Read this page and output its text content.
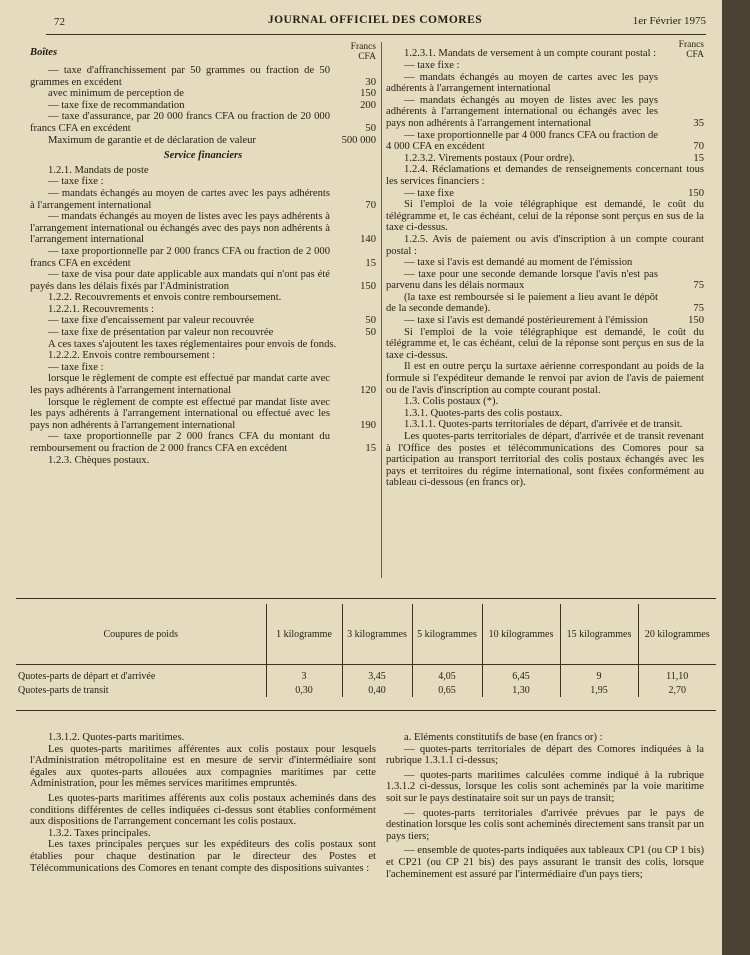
72	JOURNAL OFFICIEL DES COMORES	1er Février 1975
Boîtes
Francs
CFA
— taxe d'affranchissement par 50 grammes ou fraction de 50 grammes en excédent	30
avec minimum de perception de	150
— taxe fixe de recommandation	200
— taxe d'assurance, par 20 000 francs CFA ou fraction de 20 000 francs CFA en excédent	50
Maximum de garantie et de déclaration de valeur	500 000
Service financiers
1.2.1. Mandats de poste
— taxe fixe :
— mandats échangés au moyen de cartes avec les pays adhérents à l'arrangement international	70
— mandats échangés au moyen de listes avec les pays adhérents à l'arrangement international ou échangés avec des pays non adhérents à l'arrangement international	140
— taxe proportionnelle par 2 000 francs CFA ou fraction de 2 000 francs CFA en excédent	15
— taxe de visa pour date applicable aux mandats qui n'ont pas été payés dans les délais fixés par l'Administration	150
1.2.2. Recouvrements et envois contre remboursement.
1.2.2.1. Recouvrements :
— taxe fixe d'encaissement par valeur recouvrée	50
— taxe fixe de présentation par valeur non recouvrée	50
A ces taxes s'ajoutent les taxes réglementaires pour envois de fonds.
1.2.2.2. Envois contre remboursement :
— taxe fixe :
lorsque le règlement de compte est effectué par mandat carte avec les pays adhérents à l'arrangement international	120
lorsque le règlement de compte est effectué par mandat liste avec les pays adhérents à l'arrangement international ou effectué avec les pays non adhérents à l'arrangement international	190
— taxe proportionnelle par 2 000 francs CFA du montant du remboursement ou fraction de 2 000 francs CFA en excédent	15
1.2.3. Chèques postaux.
1.2.3.1. Mandats de versement à un compte courant postal :
Francs
CFA
— taxe fixe :
— mandats échangés au moyen de cartes avec les pays adhérents à l'arrangement international
— mandats échangés au moyen de listes avec les pays adhérents à l'arrangement international ou échangés avec les pays non adhérents à l'arrangement international	35
— taxe proportionnelle par 4 000 francs CFA ou fraction de 4 000 CFA en excédent	70
1.2.3.2. Virements postaux (Pour ordre).	15
1.2.4. Réclamations et demandes de renseignements concernant tous les services financiers :
— taxe fixe	150
Si l'emploi de la voie télégraphique est demandé, le coût du télégramme et, le cas échéant, celui de la réponse sont perçus en sus de la taxe ci-dessus.
1.2.5. Avis de paiement ou avis d'inscription à un compte courant postal :
— taxe si l'avis est demandé au moment de l'émission
— taxe pour une seconde demande lorsque l'avis n'est pas parvenu dans les délais normaux	75
(la taxe est remboursée si le paiement a lieu avant le dépôt de la seconde demande).	75
— taxe si l'avis est demandé postérieurement à l'émission	150
Si l'emploi de la voie télégraphique est demandé, le coût du télégramme et, le cas échéant, celui de la réponse sont perçus en sus de la taxe ci-dessus.
Il est en outre perçu la surtaxe aérienne correspondant au poids de la formule si l'expéditeur demande le renvoi par avion de l'avis de paiement ou de l'avis d'inscription au compte courant postal.
1.3. Colis postaux (*).
1.3.1. Quotes-parts des colis postaux.
1.3.1.1. Quotes-parts territoriales de départ, d'arrivée et de transit.
Les quotes-parts territoriales de départ, d'arrivée et de transit revenant à l'Office des postes et télécommunications des Comores pour sa participation au transport territorial des colis postaux échangés avec les pays et territoires du régime international, sont fixées conformément au tableau ci-dessous (en francs or).
Coupures de poids	1 kilogramme	3 kilogrammes	5 kilogrammes	10 kilogrammes	15 kilogrammes	20 kilogrammes

Quotes-parts de départ et d'arrivée	3	3,45	4,05	6,45	9	11,10
Quotes-parts de transit	0,30	0,40	0,65	1,30	1,95	2,70
1.3.1.2. Quotes-parts maritimes.
Les quotes-parts maritimes afférentes aux colis postaux pour lesquels l'Administration métropolitaine est en mesure de servir d'intermédiaire sont égales aux quotes-parts allouées aux compagnies maritimes par cette Administration, pour les mêmes services maritimes empruntés.
Les quotes-parts maritimes afférents aux colis postaux acheminés dans des conditions différentes de celles indiquées ci-dessus sont établies conformément aux dispositions de l'arrangement concernant les colis postaux.
1.3.2. Taxes principales.
Les taxes principales perçues sur les expéditeurs des colis postaux sont établies pour chaque destination par le directeur des Postes et Télécommunications des Comores en tenant compte des dispositions suivantes :
a. Eléments constitutifs de base (en francs or) :
— quotes-parts territoriales de départ des Comores indiquées à la rubrique 1.3.1.1 ci-dessus;
— quotes-parts maritimes calculées comme indiqué à la rubrique 1.3.1.2 ci-dessus, lorsque les colis sont acheminés par la voie maritime soit sur le pays destinataire soit sur un pays de transit;
— quotes-parts territoriales d'arrivée prévues par le pays de destination lorsque les colis sont acheminés directement sans transit par un pays tiers;
— ensemble de quotes-parts indiquées aux tableaux CP1 (ou CP 1 bis) et CP21 (ou CP 21 bis) des pays assurant le transit des colis, lorsque l'acheminement est assuré par l'intermédiaire d'un pays tiers;
